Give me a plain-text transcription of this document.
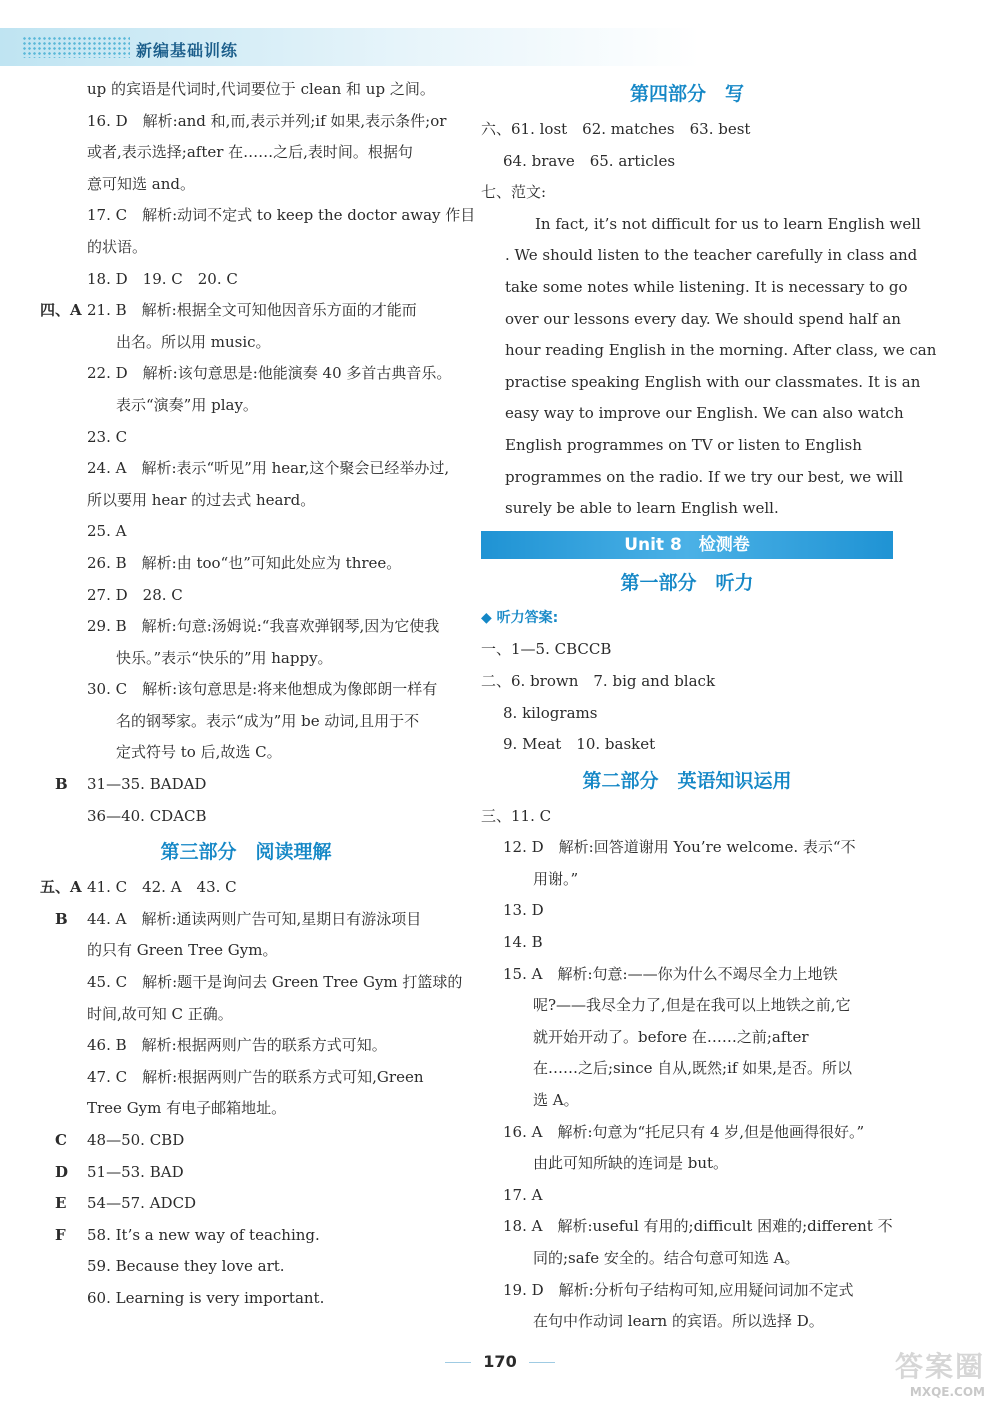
新编基础训练
up 的宾语是代词时,代词要位于 clean 和 up 之间。
16. D　解析:and 和,而,表示并列;if 如果,表示条件;or
或者,表示选择;after 在……之后,表时间。根据句
意可知选 and。
17. C　解析:动词不定式 to keep the doctor away 作目
的状语。
18. D　19. C　20. C
四、A 21. B　解析:根据全文可知他因音乐方面的才能而
出名。所以用 music。
22. D　解析:该句意思是:他能演奏 40 多首古典音乐。
表示“演奏”用 play。
23. C
24. A　解析:表示“听见”用 hear,这个聚会已经举办过,
所以要用 hear 的过去式 heard。
25. A
26. B　解析:由 too“也”可知此处应为 three。
27. D　28. C
29. B　解析:句意:汤姆说:“我喜欢弹钢琴,因为它使我
快乐。”表示“快乐的”用 happy。
30. C　解析:该句意思是:将来他想成为像郎朗一样有
名的钢琴家。表示“成为”用 be 动词,且用于不
定式符号 to 后,故选 C。
　B 31—35. BADAD
36—40. CDACB
第三部分　阅读理解
五、A 41. C　42. A　43. C
　B 44. A　解析:通读两则广告可知,星期日有游泳项目
的只有 Green Tree Gym。
45. C　解析:题干是询问去 Green Tree Gym 打篮球的
时间,故可知 C 正确。
46. B　解析:根据两则广告的联系方式可知。
47. C　解析:根据两则广告的联系方式可知,Green
Tree Gym 有电子邮箱地址。
　C 48—50. CBD
　D 51—53. BAD
　E 54—57. ADCD
　F 58. It’s a new way of teaching.
59. Because they love art.
60. Learning is very important.
第四部分　写
六、61. lost　62. matches　63. best
64. brave　65. articles
七、范文:
　　In fact, it’s not difficult for us to learn English well
. We should listen to the teacher carefully in class and
take some notes while listening. It is necessary to go
over our lessons every day. We should spend half an
hour reading English in the morning. After class, we can
practise speaking English with our classmates. It is an
easy way to improve our English. We can also watch
English programmes on TV or listen to English
programmes on the radio. If we try our best, we will
surely be able to learn English well.
Unit 8　检测卷
第一部分　听力
◆ 听力答案:
一、1—5. CBCCB
二、6. brown　7. big and black
8. kilograms
9. Meat　10. basket
第二部分　英语知识运用
三、11. C
12. D　解析:回答道谢用 You’re welcome. 表示“不
用谢。”
13. D
14. B
15. A　解析:句意:——你为什么不竭尽全力上地铁
呢?——我尽全力了,但是在我可以上地铁之前,它
就开始开动了。before 在……之前;after
在……之后;since 自从,既然;if 如果,是否。所以
选 A。
16. A　解析:句意为“托尼只有 4 岁,但是他画得很好。”
由此可知所缺的连词是 but。
17. A
18. A　解析:useful 有用的;difficult 困难的;different 不
同的;safe 安全的。结合句意可知选 A。
19. D　解析:分析句子结构可知,应用疑问词加不定式
在句中作动词 learn 的宾语。所以选择 D。
170	答案圈
MXQE.COM
